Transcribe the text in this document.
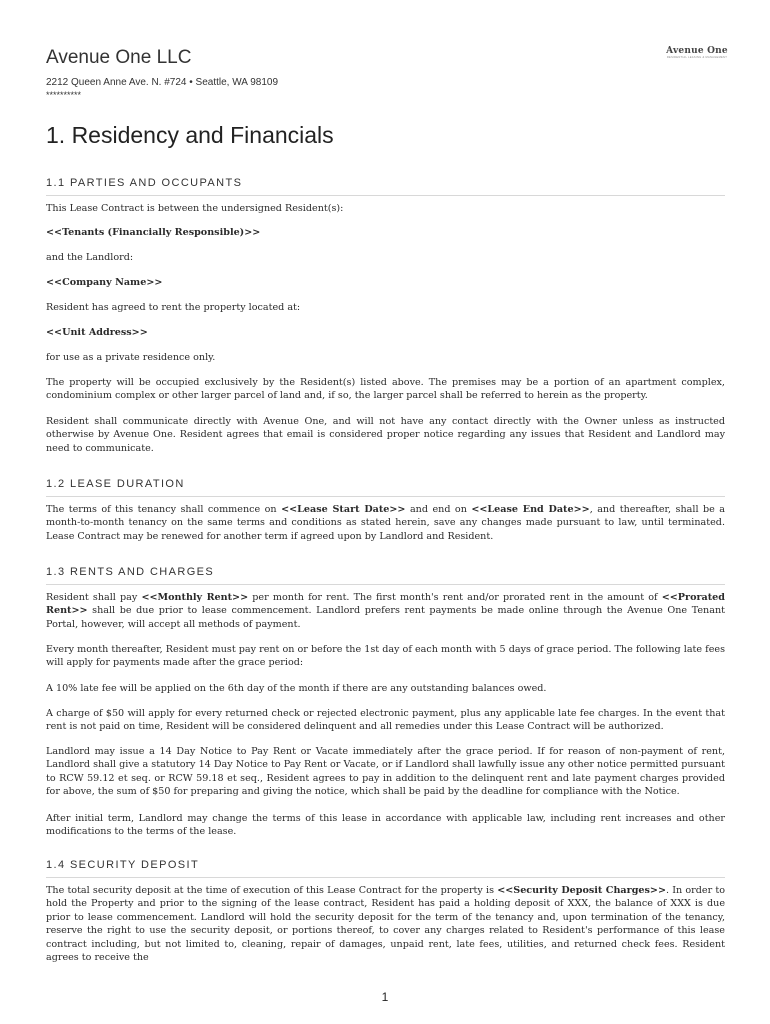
Avenue One LLC
2212 Queen Anne Ave. N. #724 • Seattle, WA 98109
**********
Avenue One
RESIDENTIAL LEASING & MANAGEMENT
1. Residency and Financials
1.1 PARTIES AND OCCUPANTS
This Lease Contract is between the undersigned Resident(s):
<<Tenants (Financially Responsible)>>
and the Landlord:
<<Company Name>>
Resident has agreed to rent the property located at:
<<Unit Address>>
for use as a private residence only.
The property will be occupied exclusively by the Resident(s) listed above. The premises may be a portion of an apartment complex, condominium complex or other larger parcel of land and, if so, the larger parcel shall be referred to herein as the property.
Resident shall communicate directly with Avenue One, and will not have any contact directly with the Owner unless as instructed otherwise by Avenue One. Resident agrees that email is considered proper notice regarding any issues that Resident and Landlord may need to communicate.
1.2 LEASE DURATION
The terms of this tenancy shall commence on <<Lease Start Date>> and end on <<Lease End Date>>, and thereafter, shall be a month-to-month tenancy on the same terms and conditions as stated herein, save any changes made pursuant to law, until terminated. Lease Contract may be renewed for another term if agreed upon by Landlord and Resident.
1.3 RENTS AND CHARGES
Resident shall pay <<Monthly Rent>> per month for rent. The first month's rent and/or prorated rent in the amount of <<Prorated Rent>> shall be due prior to lease commencement. Landlord prefers rent payments be made online through the Avenue One Tenant Portal, however, will accept all methods of payment.
Every month thereafter, Resident must pay rent on or before the 1st day of each month with 5 days of grace period. The following late fees will apply for payments made after the grace period:
A 10% late fee will be applied on the 6th day of the month if there are any outstanding balances owed.
A charge of $50 will apply for every returned check or rejected electronic payment, plus any applicable late fee charges. In the event that rent is not paid on time, Resident will be considered delinquent and all remedies under this Lease Contract will be authorized.
Landlord may issue a 14 Day Notice to Pay Rent or Vacate immediately after the grace period. If for reason of non-payment of rent, Landlord shall give a statutory 14 Day Notice to Pay Rent or Vacate, or if Landlord shall lawfully issue any other notice permitted pursuant to RCW 59.12 et seq. or RCW 59.18 et seq., Resident agrees to pay in addition to the delinquent rent and late payment charges provided for above, the sum of $50 for preparing and giving the notice, which shall be paid by the deadline for compliance with the Notice.
After initial term, Landlord may change the terms of this lease in accordance with applicable law, including rent increases and other modifications to the terms of the lease.
1.4 SECURITY DEPOSIT
The total security deposit at the time of execution of this Lease Contract for the property is <<Security Deposit Charges>>. In order to hold the Property and prior to the signing of the lease contract, Resident has paid a holding deposit of XXX, the balance of XXX is due prior to lease commencement. Landlord will hold the security deposit for the term of the tenancy and, upon termination of the tenancy, reserve the right to use the security deposit, or portions thereof, to cover any charges related to Resident's performance of this lease contract including, but not limited to, cleaning, repair of damages, unpaid rent, late fees, utilities, and returned check fees. Resident agrees to receive the
1
